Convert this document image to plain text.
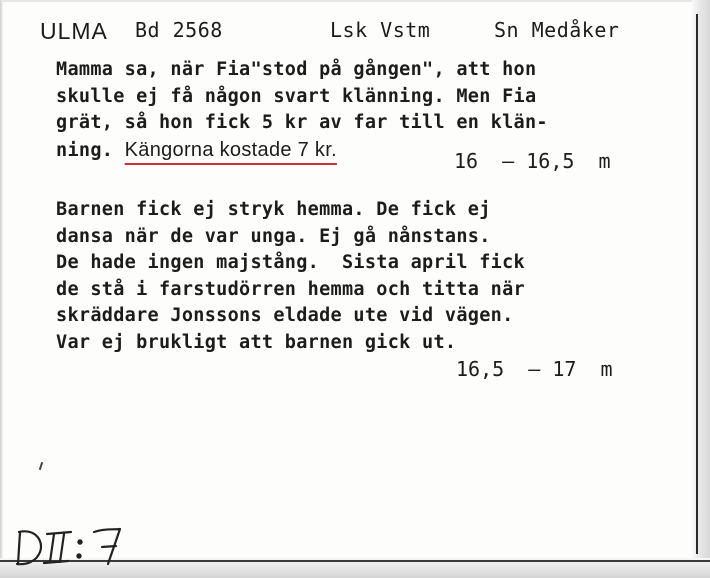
ULMA Bd 2568	Lsk Vstm	Sn Medåker
Mamma sa, när Fia"stod på gången", att hon
skulle ej få någon svart klänning. Men Fia
grät, så hon fick 5 kr av far till en klän-
ning. Kängorna kostade 7 kr.	16  – 16,5  m
Barnen fick ej stryk hemma. De fick ej
dansa när de var unga. Ej gå nånstans.
De hade ingen majstång.  Sista april fick
de stå i farstudörren hemma och titta när
skräddare Jonssons eldade ute vid vägen.
Var ej brukligt att barnen gick ut.
16,5  – 17  m
